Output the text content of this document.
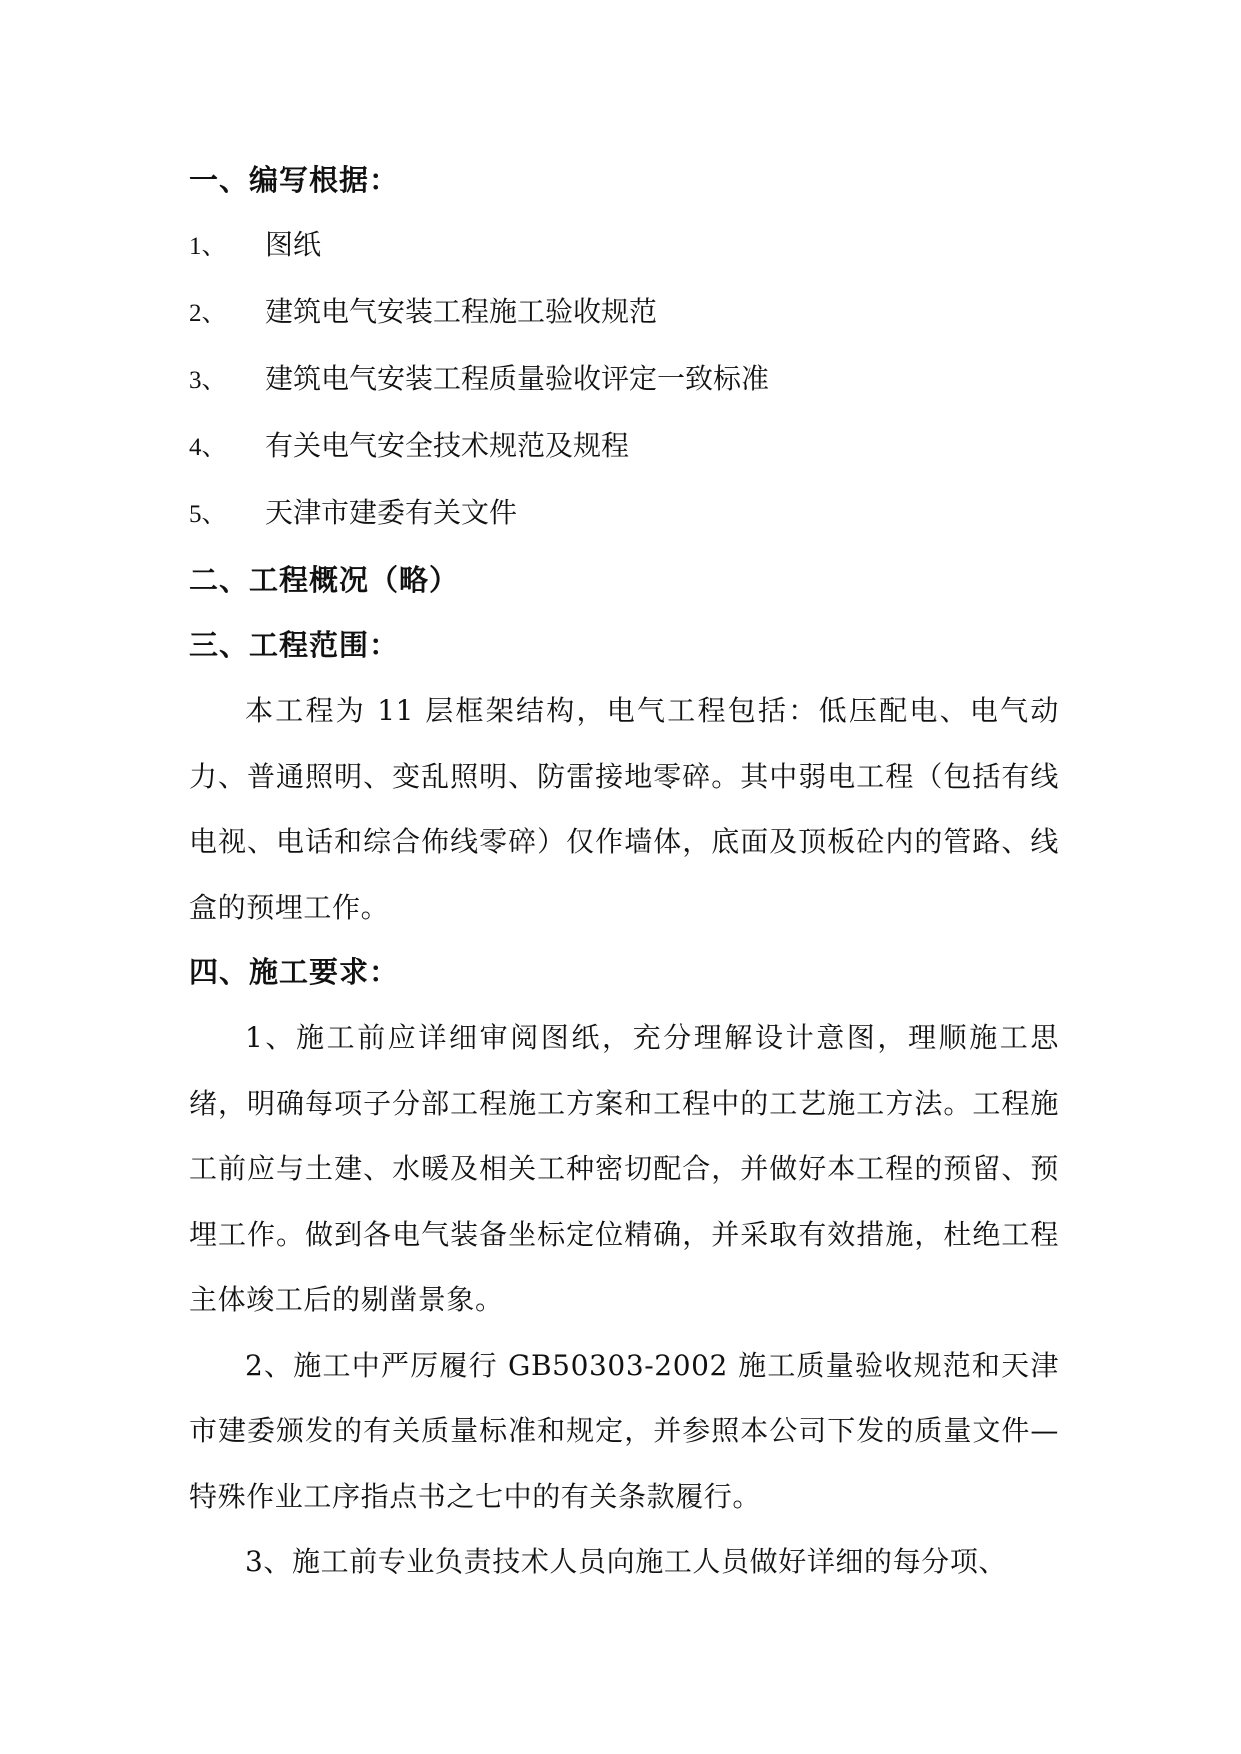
一、编写根据：
1、 图纸
2、 建筑电气安装工程施工验收规范
3、 建筑电气安装工程质量验收评定一致标准
4、 有关电气安全技术规范及规程
5、 天津市建委有关文件
二、工程概况（略）
三、工程范围：

本工程为 11 层框架结构，电气工程包括：低压配电、电气动力、普通照明、变乱照明、防雷接地零碎。其中弱电工程（包括有线电视、电话和综合佈线零碎）仅作墙体，底面及顶板砼内的管路、线盒的预埋工作。

四、施工要求：

1、施工前应详细审阅图纸，充分理解设计意图，理顺施工思绪，明确每项子分部工程施工方案和工程中的工艺施工方法。工程施工前应与土建、水暖及相关工种密切配合，并做好本工程的预留、预埋工作。做到各电气装备坐标定位精确，并采取有效措施，杜绝工程主体竣工后的剔凿景象。

2、施工中严厉履行 GB50303-2002 施工质量验收规范和天津市建委颁发的有关质量标准和规定，并参照本公司下发的质量文件—特殊作业工序指点书之七中的有关条款履行。

3、施工前专业负责技术人员向施工人员做好详细的每分项、
